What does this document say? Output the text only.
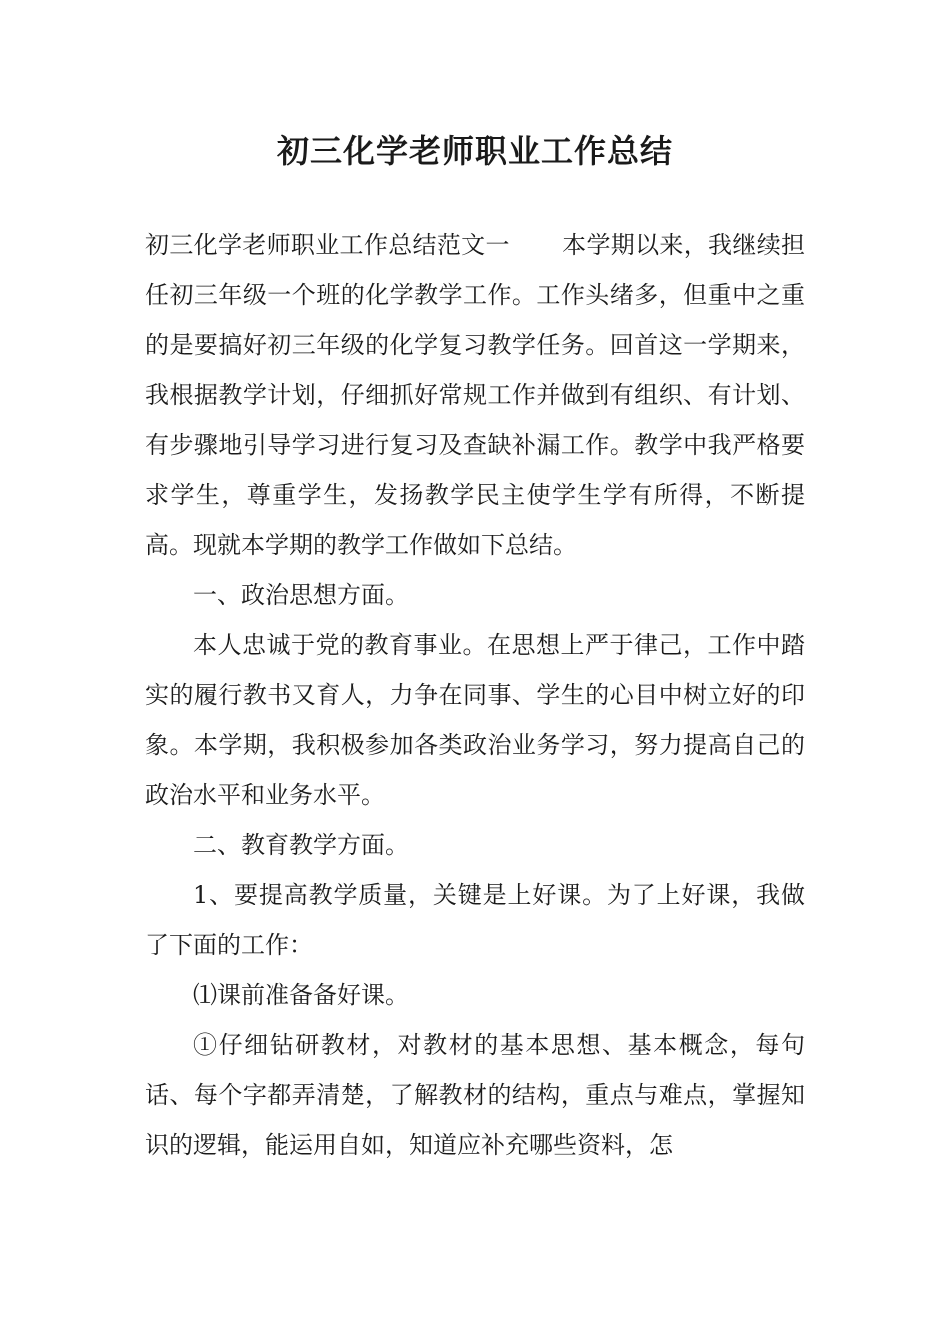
初三化学老师职业工作总结

初三化学老师职业工作总结范文一 本学期以来，我继续担任初三年级一个班的化学教学工作。工作头绪多，但重中之重的是要搞好初三年级的化学复习教学任务。回首这一学期来，我根据教学计划，仔细抓好常规工作并做到有组织、有计划、有步骤地引导学习进行复习及查缺补漏工作。教学中我严格要求学生，尊重学生，发扬教学民主使学生学有所得，不断提高。现就本学期的教学工作做如下总结。

一、政治思想方面。

本人忠诚于党的教育事业。在思想上严于律己，工作中踏实的履行教书又育人，力争在同事、学生的心目中树立好的印象。本学期，我积极参加各类政治业务学习，努力提高自己的政治水平和业务水平。

二、教育教学方面。

1、要提高教学质量，关键是上好课。为了上好课，我做了下面的工作：

⑴课前准备备好课。

①仔细钻研教材，对教材的基本思想、基本概念，每句话、每个字都弄清楚，了解教材的结构，重点与难点，掌握知识的逻辑，能运用自如，知道应补充哪些资料，怎
